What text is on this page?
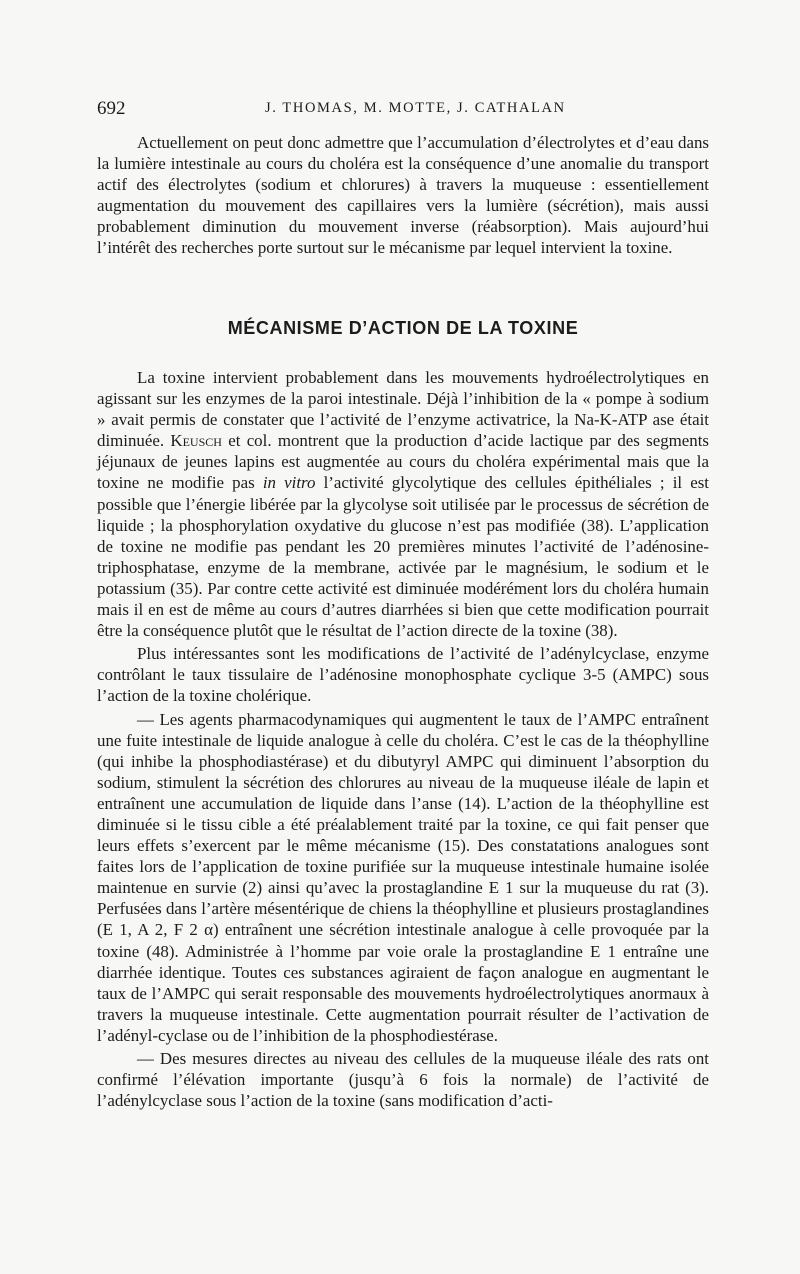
692	J. THOMAS, M. MOTTE, J. CATHALAN

Actuellement on peut donc admettre que l’accumulation d’électrolytes et d’eau dans la lumière intestinale au cours du choléra est la conséquence d’une anomalie du transport actif des électrolytes (sodium et chlorures) à travers la muqueuse : essentiellement augmentation du mouvement des capillaires vers la lumière (sécrétion), mais aussi probablement diminution du mouvement inverse (réabsorption). Mais aujourd’hui l’intérêt des recherches porte surtout sur le mécanisme par lequel intervient la toxine.

MÉCANISME D’ACTION DE LA TOXINE

La toxine intervient probablement dans les mouvements hydroélectrolytiques en agissant sur les enzymes de la paroi intestinale. Déjà l’inhibition de la « pompe à sodium » avait permis de constater que l’activité de l’enzyme activatrice, la Na-K-ATP ase était diminuée. Keusch et col. montrent que la production d’acide lactique par des segments jéjunaux de jeunes lapins est augmentée au cours du choléra expérimental mais que la toxine ne modifie pas in vitro l’activité glycolytique des cellules épithéliales ; il est possible que l’énergie libérée par la glycolyse soit utilisée par le processus de sécrétion de liquide ; la phosphorylation oxydative du glucose n’est pas modifiée (38). L’application de toxine ne modifie pas pendant les 20 premières minutes l’activité de l’adénosine-triphosphatase, enzyme de la membrane, activée par le magnésium, le sodium et le potassium (35). Par contre cette activité est diminuée modérément lors du choléra humain mais il en est de même au cours d’autres diarrhées si bien que cette modification pourrait être la conséquence plutôt que le résultat de l’action directe de la toxine (38).

Plus intéressantes sont les modifications de l’activité de l’adénylcyclase, enzyme contrôlant le taux tissulaire de l’adénosine monophosphate cyclique 3-5 (AMPC) sous l’action de la toxine cholérique.

— Les agents pharmacodynamiques qui augmentent le taux de l’AMPC entraînent une fuite intestinale de liquide analogue à celle du choléra. C’est le cas de la théophylline (qui inhibe la phosphodiastérase) et du dibutyryl AMPC qui diminuent l’absorption du sodium, stimulent la sécrétion des chlorures au niveau de la muqueuse iléale de lapin et entraînent une accumulation de liquide dans l’anse (14). L’action de la théophylline est diminuée si le tissu cible a été préalablement traité par la toxine, ce qui fait penser que leurs effets s’exercent par le même mécanisme (15). Des constatations analogues sont faites lors de l’application de toxine purifiée sur la muqueuse intestinale humaine isolée maintenue en survie (2) ainsi qu’avec la prostaglandine E 1 sur la muqueuse du rat (3). Perfusées dans l’artère mésentérique de chiens la théophylline et plusieurs prostaglandines (E 1, A 2, F 2 α) entraînent une sécrétion intestinale analogue à celle provoquée par la toxine (48). Administrée à l’homme par voie orale la prostaglandine E 1 entraîne une diarrhée identique. Toutes ces substances agiraient de façon analogue en augmentant le taux de l’AMPC qui serait responsable des mouvements hydroélectrolytiques anormaux à travers la muqueuse intestinale. Cette augmentation pourrait résulter de l’activation de l’adényl-cyclase ou de l’inhibition de la phosphodiestérase.

— Des mesures directes au niveau des cellules de la muqueuse iléale des rats ont confirmé l’élévation importante (jusqu’à 6 fois la normale) de l’activité de l’adénylcyclase sous l’action de la toxine (sans modification d’acti-
